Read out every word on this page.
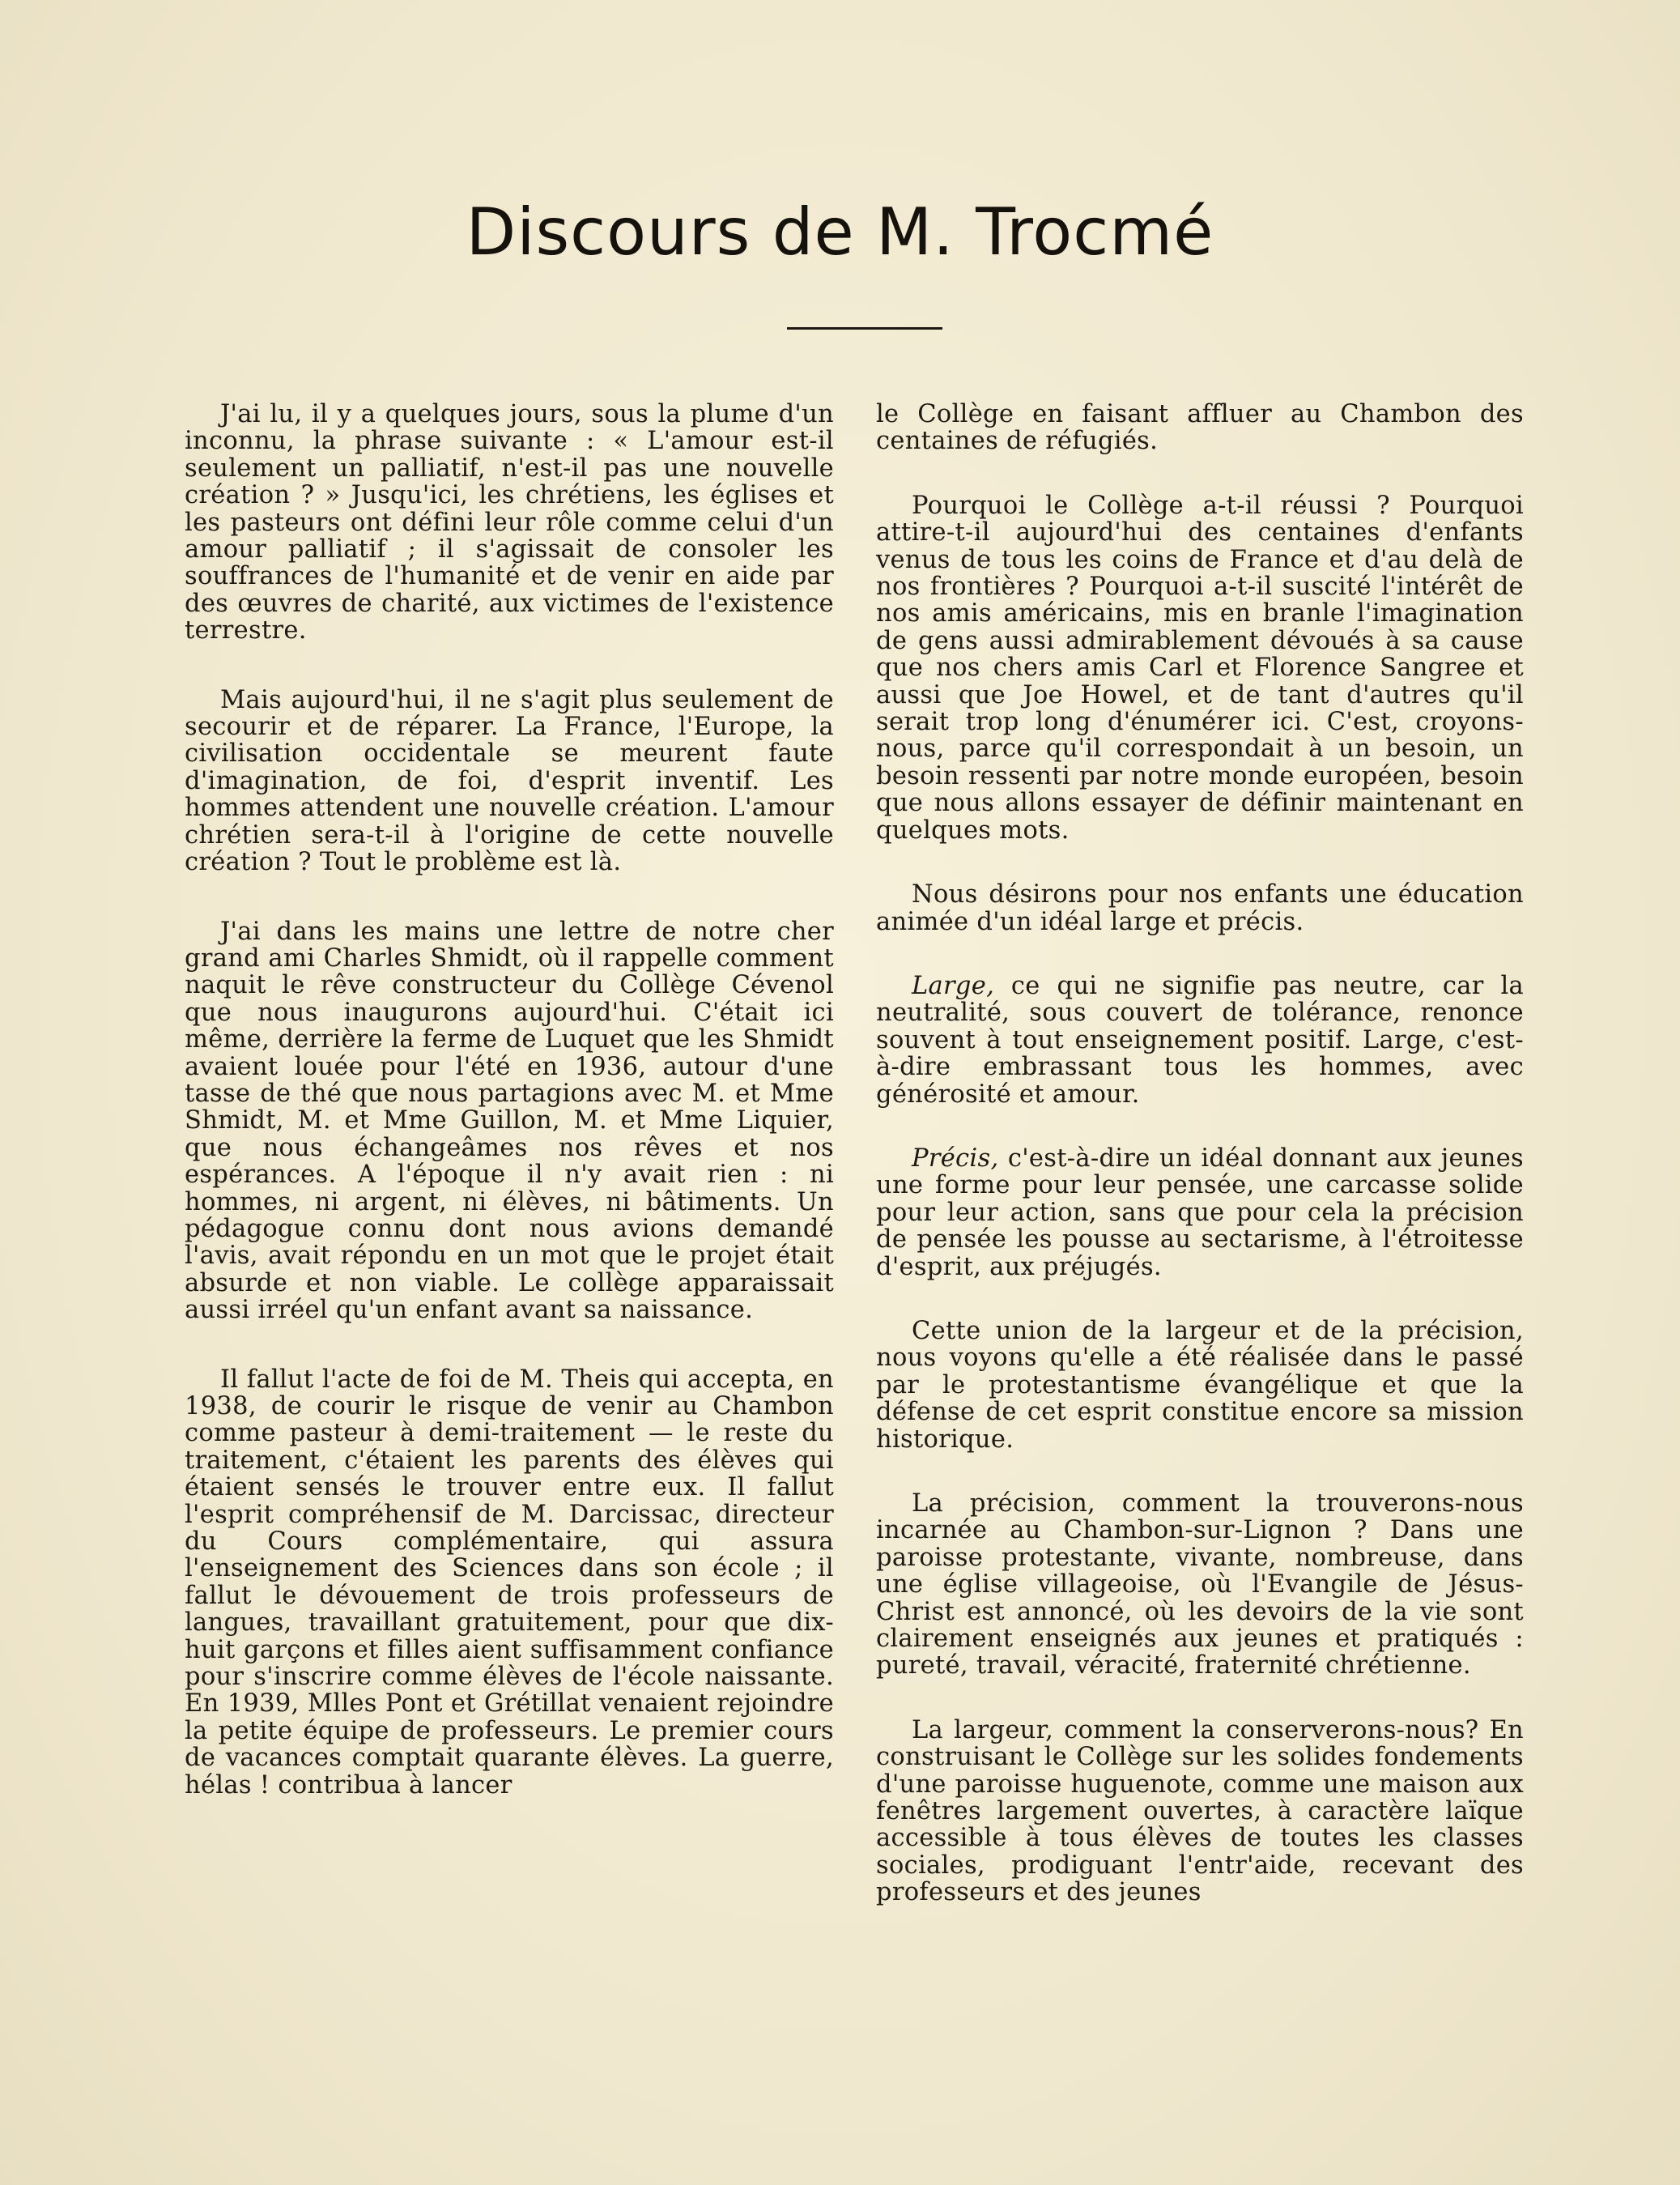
Discours de M. Trocmé

J'ai lu, il y a quelques jours, sous la plume d'un inconnu, la phrase suivante : « L'amour est-il seulement un palliatif, n'est-il pas une nouvelle création ? » Jusqu'ici, les chrétiens, les églises et les pasteurs ont défini leur rôle comme celui d'un amour palliatif ; il s'agissait de consoler les souffrances de l'humanité et de venir en aide par des œuvres de charité, aux victimes de l'existence terrestre.

Mais aujourd'hui, il ne s'agit plus seulement de secourir et de réparer. La France, l'Europe, la civilisation occidentale se meurent faute d'imagination, de foi, d'esprit inventif. Les hommes attendent une nouvelle création. L'amour chrétien sera-t-il à l'origine de cette nouvelle création ? Tout le problème est là.

J'ai dans les mains une lettre de notre cher grand ami Charles Shmidt, où il rappelle comment naquit le rêve constructeur du Collège Cévenol que nous inaugurons aujourd'hui. C'était ici même, derrière la ferme de Luquet que les Shmidt avaient louée pour l'été en 1936, autour d'une tasse de thé que nous partagions avec M. et Mme Shmidt, M. et Mme Guillon, M. et Mme Liquier, que nous échangeâmes nos rêves et nos espérances. A l'époque il n'y avait rien : ni hommes, ni argent, ni élèves, ni bâtiments. Un pédagogue connu dont nous avions demandé l'avis, avait répondu en un mot que le projet était absurde et non viable. Le collège apparaissait aussi irréel qu'un enfant avant sa naissance.

Il fallut l'acte de foi de M. Theis qui accepta, en 1938, de courir le risque de venir au Chambon comme pasteur à demi-traitement — le reste du traitement, c'étaient les parents des élèves qui étaient sensés le trouver entre eux. Il fallut l'esprit compréhensif de M. Darcissac, directeur du Cours complémentaire, qui assura l'enseignement des Sciences dans son école ; il fallut le dévouement de trois professeurs de langues, travaillant gratuitement, pour que dix-huit garçons et filles aient suffisamment confiance pour s'inscrire comme élèves de l'école naissante. En 1939, Mlles Pont et Grétillat venaient rejoindre la petite équipe de professeurs. Le premier cours de vacances comptait quarante élèves. La guerre, hélas ! contribua à lancer

le Collège en faisant affluer au Chambon des centaines de réfugiés.

Pourquoi le Collège a-t-il réussi ? Pourquoi attire-t-il aujourd'hui des centaines d'enfants venus de tous les coins de France et d'au delà de nos frontières ? Pourquoi a-t-il suscité l'intérêt de nos amis américains, mis en branle l'imagination de gens aussi admirablement dévoués à sa cause que nos chers amis Carl et Florence Sangree et aussi que Joe Howel, et de tant d'autres qu'il serait trop long d'énumérer ici. C'est, croyons-nous, parce qu'il correspondait à un besoin, un besoin ressenti par notre monde européen, besoin que nous allons essayer de définir maintenant en quelques mots.

Nous désirons pour nos enfants une éducation animée d'un idéal large et précis.

Large, ce qui ne signifie pas neutre, car la neutralité, sous couvert de tolérance, renonce souvent à tout enseignement positif. Large, c'est-à-dire embrassant tous les hommes, avec générosité et amour.

Précis, c'est-à-dire un idéal donnant aux jeunes une forme pour leur pensée, une carcasse solide pour leur action, sans que pour cela la précision de pensée les pousse au sectarisme, à l'étroitesse d'esprit, aux préjugés.

Cette union de la largeur et de la précision, nous voyons qu'elle a été réalisée dans le passé par le protestantisme évangélique et que la défense de cet esprit constitue encore sa mission historique.

La précision, comment la trouverons-nous incarnée au Chambon-sur-Lignon ? Dans une paroisse protestante, vivante, nombreuse, dans une église villageoise, où l'Evangile de Jésus-Christ est annoncé, où les devoirs de la vie sont clairement enseignés aux jeunes et pratiqués : pureté, travail, véracité, fraternité chrétienne.

La largeur, comment la conserverons-nous? En construisant le Collège sur les solides fondements d'une paroisse huguenote, comme une maison aux fenêtres largement ouvertes, à caractère laïque accessible à tous élèves de toutes les classes sociales, prodiguant l'entr'aide, recevant des professeurs et des jeunes
